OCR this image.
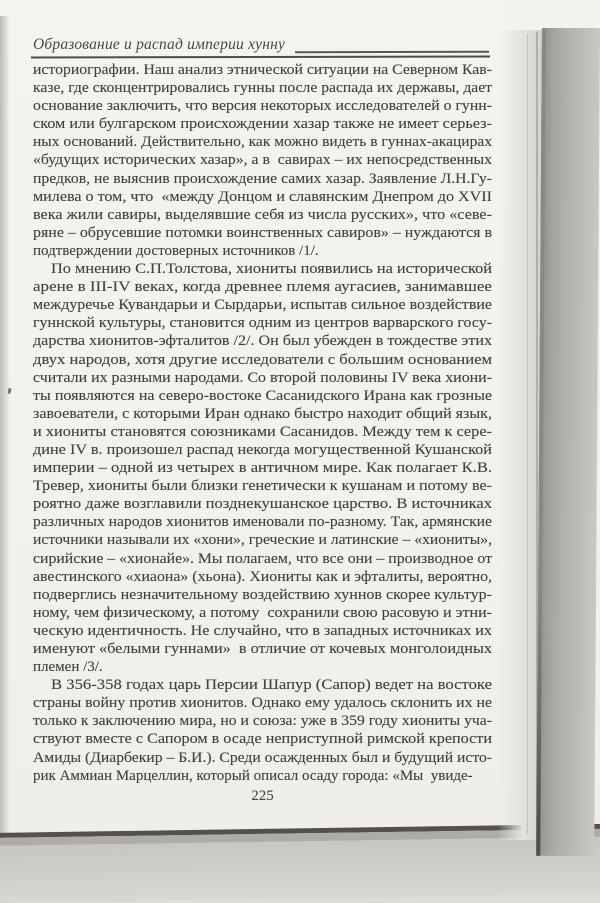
Образование и распад империи хунну
историографии. Наш анализ этнической ситуации на Северном Кав-
казе, где сконцентрировались гунны после распада их державы, дает
основание заключить, что версия некоторых исследователей о гунн-
ском или булгарском происхождении хазар также не имеет серьез-
ных оснований. Действительно, как можно видеть в гуннах-акацирах
«будущих исторических хазар», а в  савирах – их непосредственных
предков, не выяснив происхождение самих хазар. Заявление Л.Н.Гу-
милева о том, что  «между Донцом и славянским Днепром до XVII
века жили савиры, выделявшие себя из числа русских», что «севе-
ряне – обрусевшие потомки воинственных савиров» – нуждаются в
подтверждении достоверных источников /1/.
По мнению С.П.Толстова, хиониты появились на исторической
арене в III-IV веках, когда древнее племя аугасиев, занимавшее
междуречье Кувандарьи и Сырдарьи, испытав сильное воздействие
гуннской культуры, становится одним из центров варварского госу-
дарства хионитов-эфталитов /2/. Он был убежден в тождестве этих
двух народов, хотя другие исследователи с большим основанием
считали их разными народами. Со второй половины IV века хиони-
ты появляются на северо-востоке Сасанидского Ирана как грозные
завоеватели, с которыми Иран однако быстро находит общий язык,
и хиониты становятся союзниками Сасанидов. Между тем к сере-
дине IV в. произошел распад некогда могущественной Кушанской
империи – одной из четырех в античном мире. Как полагает К.В.
Тревер, хиониты были близки генетически к кушанам и потому ве-
роятно даже возглавили позднекушанское царство. В источниках
различных народов хионитов именовали по-разному. Так, армянские
источники называли их «хони», греческие и латинские – «хиониты»,
сирийские – «хионайе». Мы полагаем, что все они – производное от
авестинского «хиаона» (хьона). Хиониты как и эфталиты, вероятно,
подверглись незначительному воздействию хуннов скорее культур-
ному, чем физическому, а потому  сохранили свою расовую и этни-
ческую идентичность. Не случайно, что в западных источниках их
именуют «белыми гуннами»  в отличие от кочевых монголоидных
племен /3/.
В 356-358 годах царь Персии Шапур (Сапор) ведет на востоке
страны войну против хионитов. Однако ему удалось склонить их не
только к заключению мира, но и союза: уже в 359 году хиониты уча-
ствуют вместе с Сапором в осаде неприступной римской крепости
Амиды (Диарбекир – Б.И.). Среди осажденных был и будущий исто-
рик Аммиан Марцеллин, который описал осаду города: «Мы  увиде-
225
